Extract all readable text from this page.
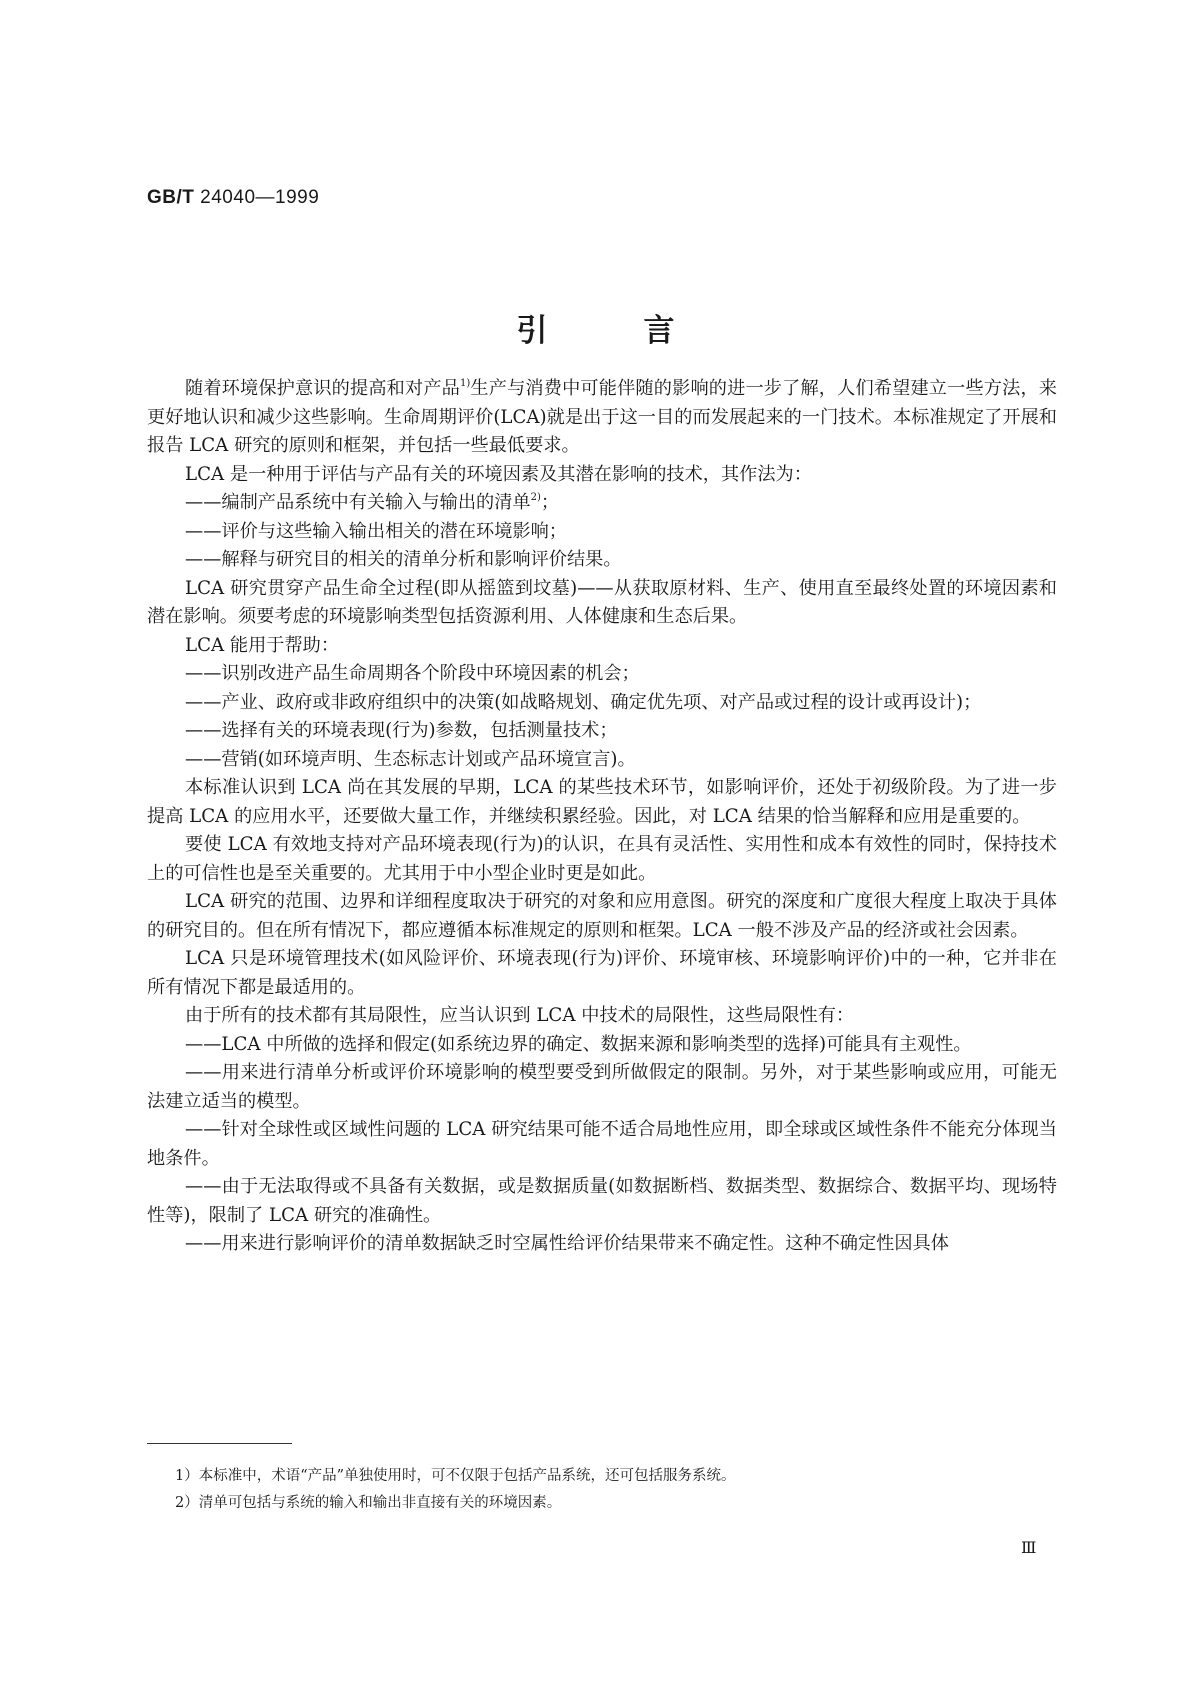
GB/T 24040—1999
引	言

随着环境保护意识的提高和对产品$^{1)}$生产与消费中可能伴随的影响的进一步了解，人们希望建立一些方法，来更好地认识和减少这些影响。生命周期评价(LCA)就是出于这一目的而发展起来的一门技术。本标准规定了开展和报告 LCA 研究的原则和框架，并包括一些最低要求。

LCA 是一种用于评估与产品有关的环境因素及其潜在影响的技术，其作法为：

——编制产品系统中有关输入与输出的清单$^{2)}$；

——评价与这些输入输出相关的潜在环境影响；

——解释与研究目的相关的清单分析和影响评价结果。

LCA 研究贯穿产品生命全过程(即从摇篮到坟墓)——从获取原材料、生产、使用直至最终处置的环境因素和潜在影响。须要考虑的环境影响类型包括资源利用、人体健康和生态后果。

LCA 能用于帮助：

——识别改进产品生命周期各个阶段中环境因素的机会；

——产业、政府或非政府组织中的决策(如战略规划、确定优先项、对产品或过程的设计或再设计)；

——选择有关的环境表现(行为)参数，包括测量技术；

——营销(如环境声明、生态标志计划或产品环境宣言)。

本标准认识到 LCA 尚在其发展的早期，LCA 的某些技术环节，如影响评价，还处于初级阶段。为了进一步提高 LCA 的应用水平，还要做大量工作，并继续积累经验。因此，对 LCA 结果的恰当解释和应用是重要的。

要使 LCA 有效地支持对产品环境表现(行为)的认识，在具有灵活性、实用性和成本有效性的同时，保持技术上的可信性也是至关重要的。尤其用于中小型企业时更是如此。

LCA 研究的范围、边界和详细程度取决于研究的对象和应用意图。研究的深度和广度很大程度上取决于具体的研究目的。但在所有情况下，都应遵循本标准规定的原则和框架。LCA 一般不涉及产品的经济或社会因素。

LCA 只是环境管理技术(如风险评价、环境表现(行为)评价、环境审核、环境影响评价)中的一种，它并非在所有情况下都是最适用的。

由于所有的技术都有其局限性，应当认识到 LCA 中技术的局限性，这些局限性有：

——LCA 中所做的选择和假定(如系统边界的确定、数据来源和影响类型的选择)可能具有主观性。

——用来进行清单分析或评价环境影响的模型要受到所做假定的限制。另外，对于某些影响或应用，可能无法建立适当的模型。

——针对全球性或区域性问题的 LCA 研究结果可能不适合局地性应用，即全球或区域性条件不能充分体现当地条件。

——由于无法取得或不具备有关数据，或是数据质量(如数据断档、数据类型、数据综合、数据平均、现场特性等)，限制了 LCA 研究的准确性。

——用来进行影响评价的清单数据缺乏时空属性给评价结果带来不确定性。这种不确定性因具体

1）本标准中，术语“产品”单独使用时，可不仅限于包括产品系统，还可包括服务系统。

2）清单可包括与系统的输入和输出非直接有关的环境因素。

Ⅲ
